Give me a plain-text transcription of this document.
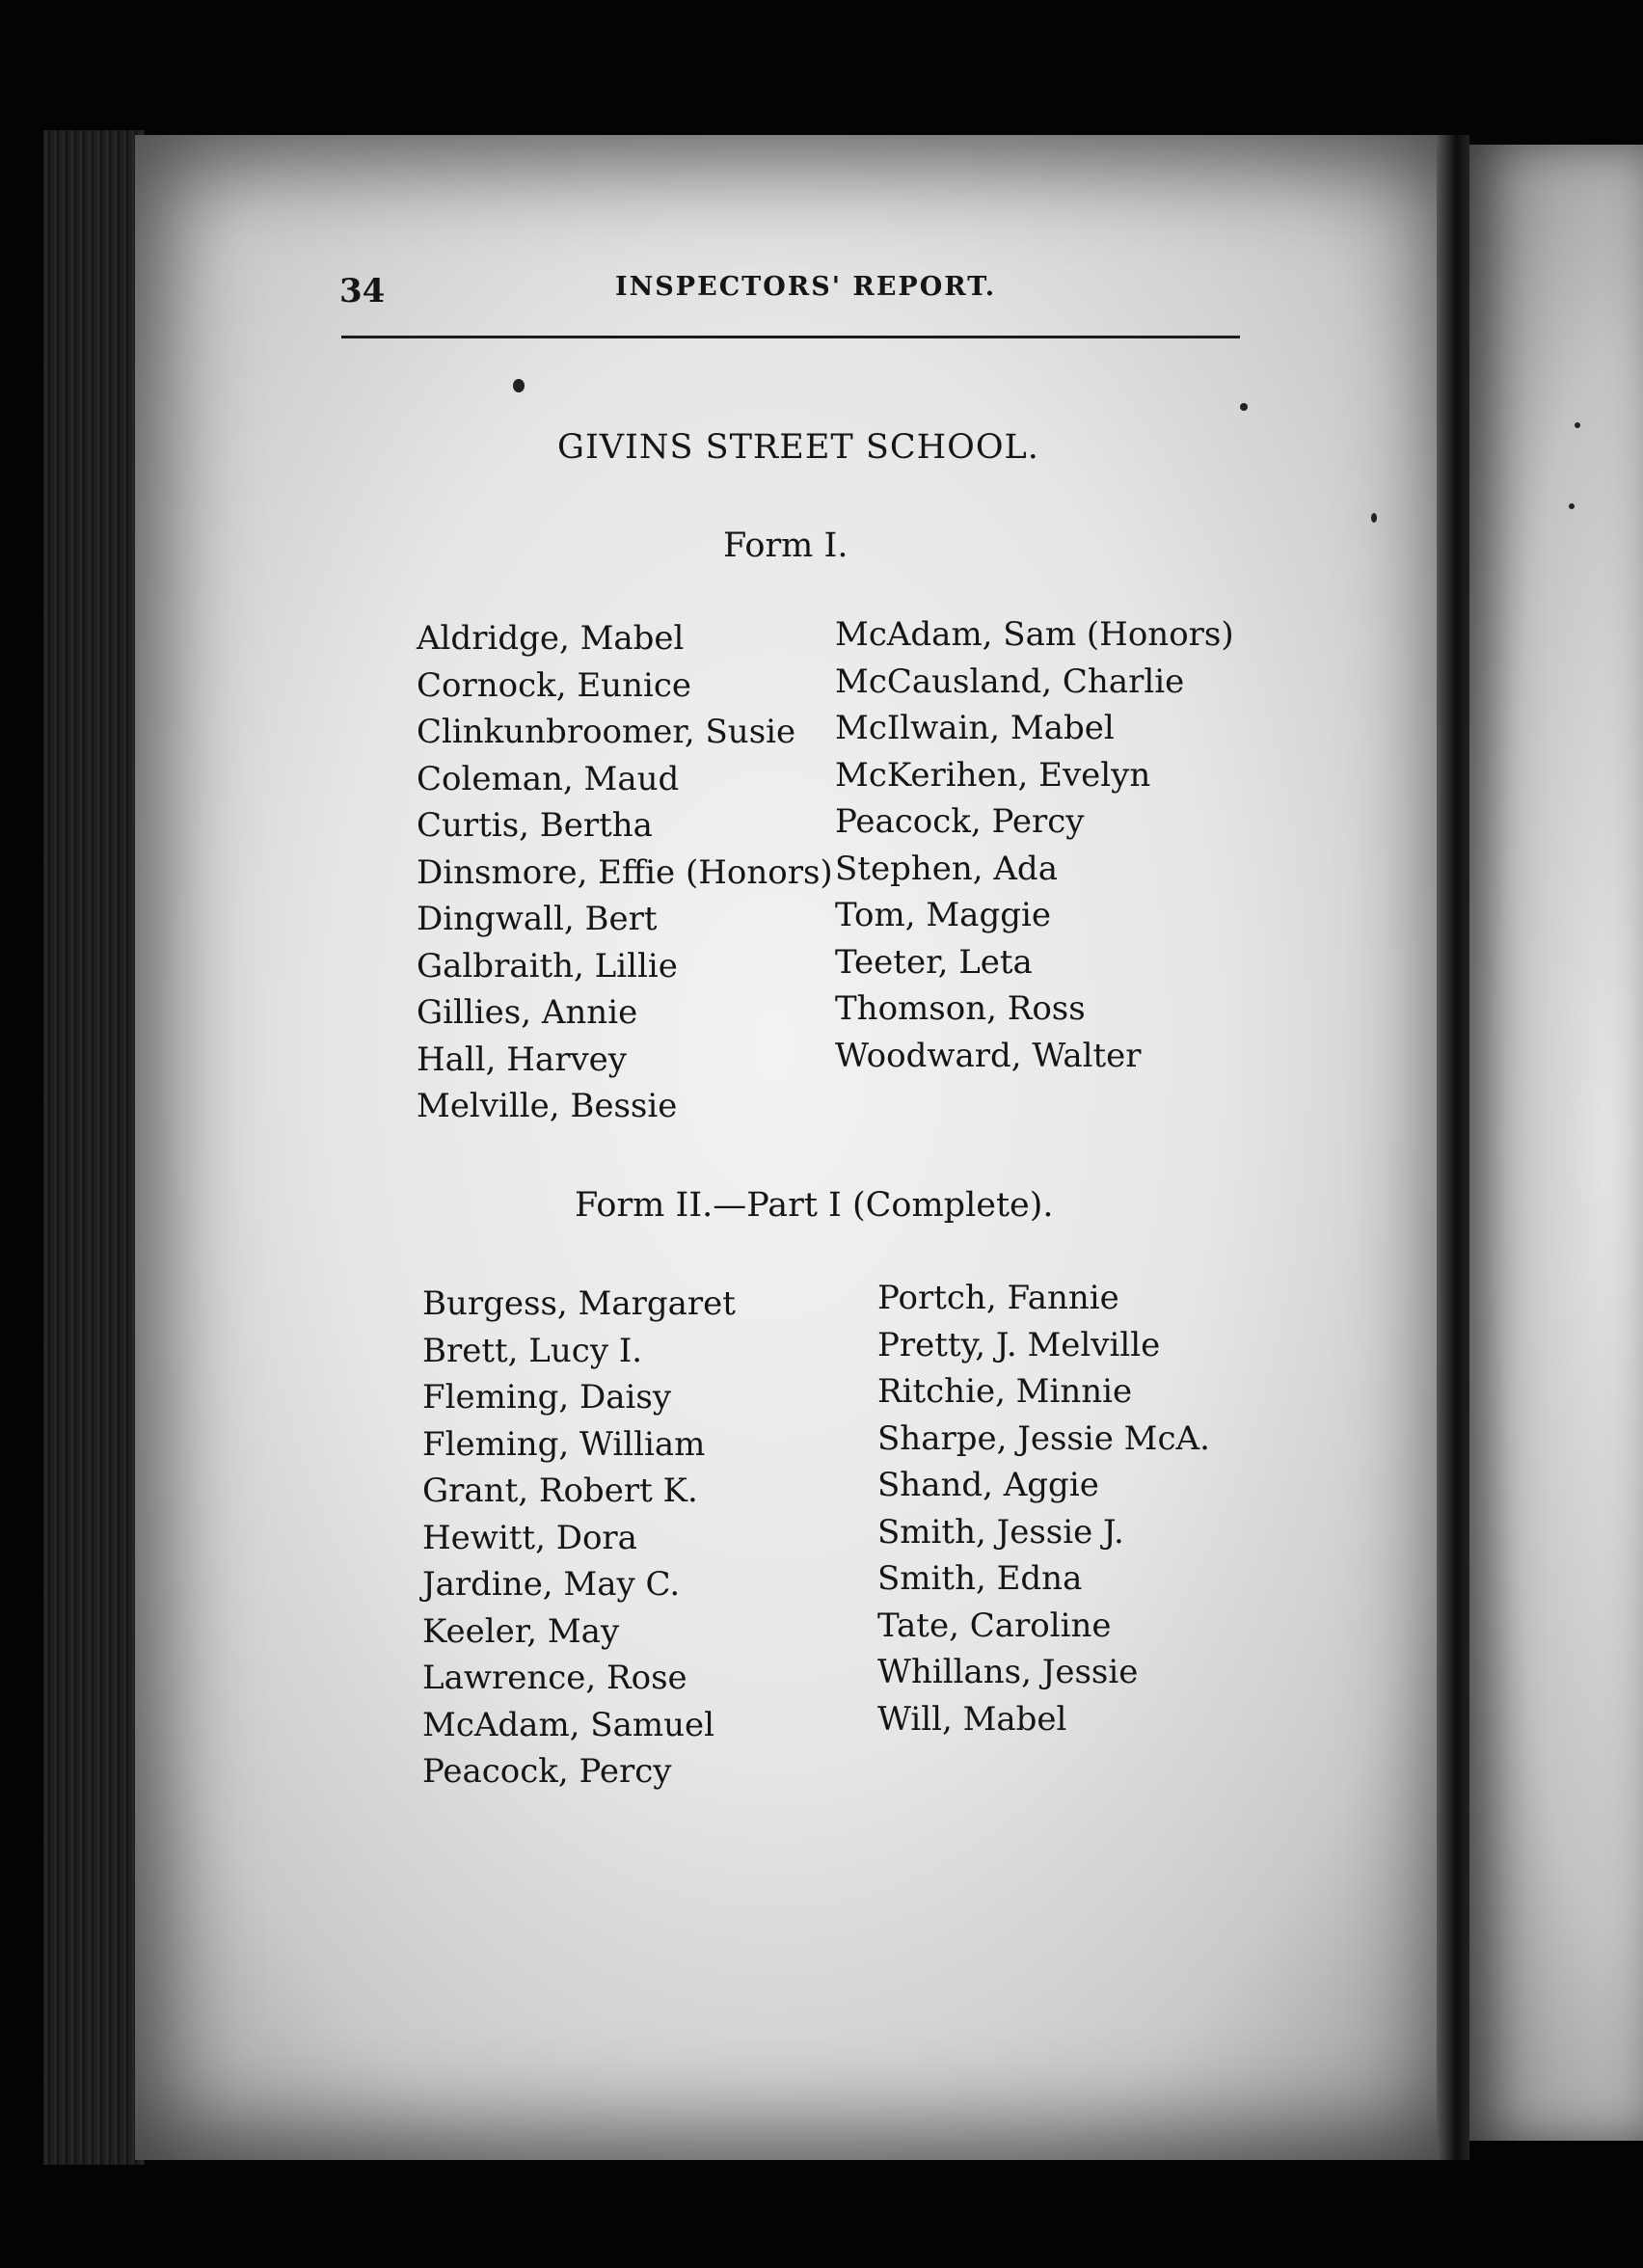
34	INSPECTORS' REPORT.
GIVINS STREET SCHOOL.
Form I.
Aldridge, Mabel
Cornock, Eunice
Clinkunbroomer, Susie
Coleman, Maud
Curtis, Bertha
Dinsmore, Effie (Honors)
Dingwall, Bert
Galbraith, Lillie
Gillies, Annie
Hall, Harvey
Melville, Bessie
McAdam, Sam (Honors)
McCausland, Charlie
McIlwain, Mabel
McKerihen, Evelyn
Peacock, Percy
Stephen, Ada
Tom, Maggie
Teeter, Leta
Thomson, Ross
Woodward, Walter
Form II.—Part I (Complete).
Burgess, Margaret
Brett, Lucy I.
Fleming, Daisy
Fleming, William
Grant, Robert K.
Hewitt, Dora
Jardine, May C.
Keeler, May
Lawrence, Rose
McAdam, Samuel
Peacock, Percy
Portch, Fannie
Pretty, J. Melville
Ritchie, Minnie
Sharpe, Jessie McA.
Shand, Aggie
Smith, Jessie J.
Smith, Edna
Tate, Caroline
Whillans, Jessie
Will, Mabel
